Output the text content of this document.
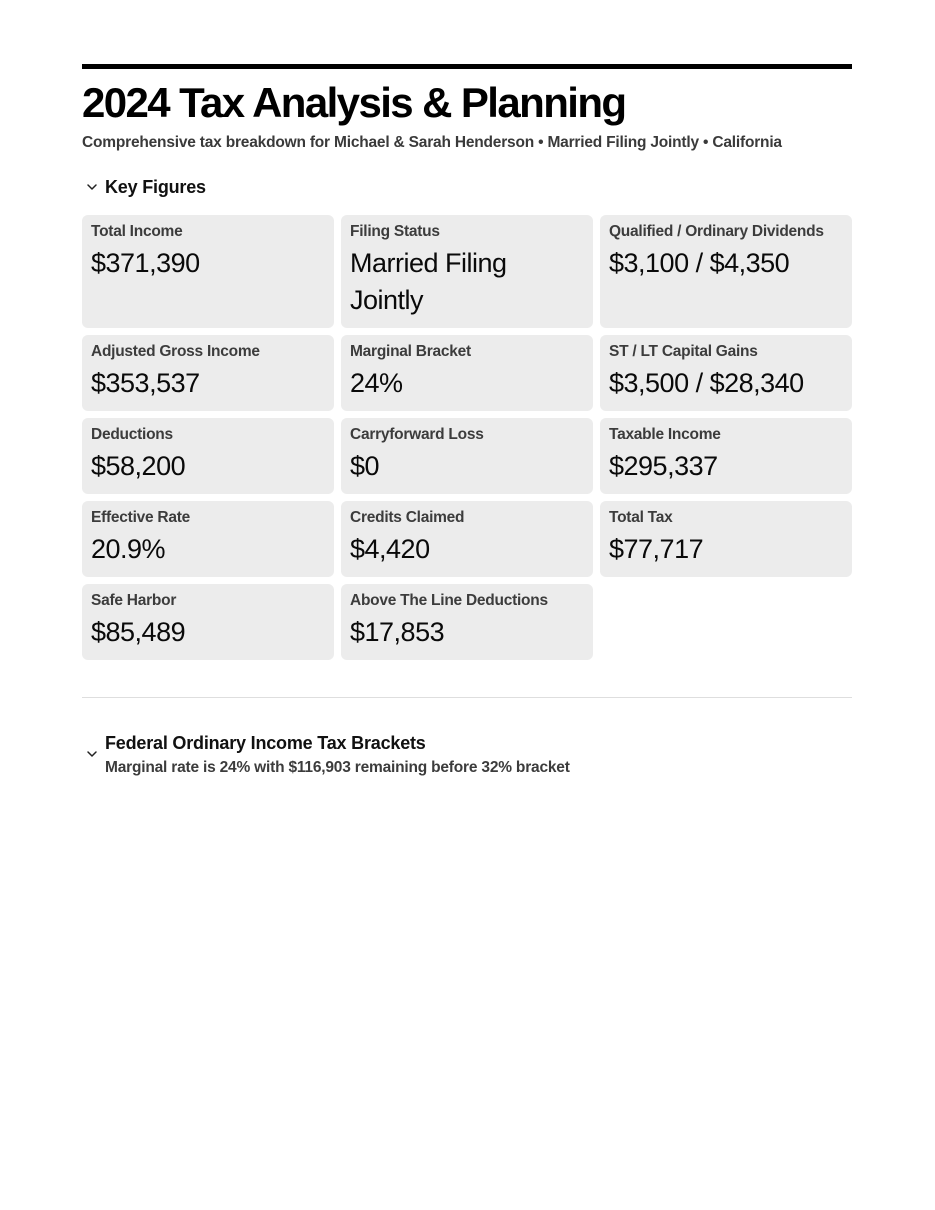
2024 Tax Analysis & Planning
Comprehensive tax breakdown for Michael & Sarah Henderson • Married Filing Jointly • California
Key Figures
Total Income
$371,390
Filing Status
Married Filing Jointly
Qualified / Ordinary Dividends
$3,100 / $4,350
Adjusted Gross Income
$353,537
Marginal Bracket
24%
ST / LT Capital Gains
$3,500 / $28,340
Deductions
$58,200
Carryforward Loss
$0
Taxable Income
$295,337
Effective Rate
20.9%
Credits Claimed
$4,420
Total Tax
$77,717
Safe Harbor
$85,489
Above The Line Deductions
$17,853
Federal Ordinary Income Tax Brackets
Marginal rate is 24% with $116,903 remaining before 32% bracket
